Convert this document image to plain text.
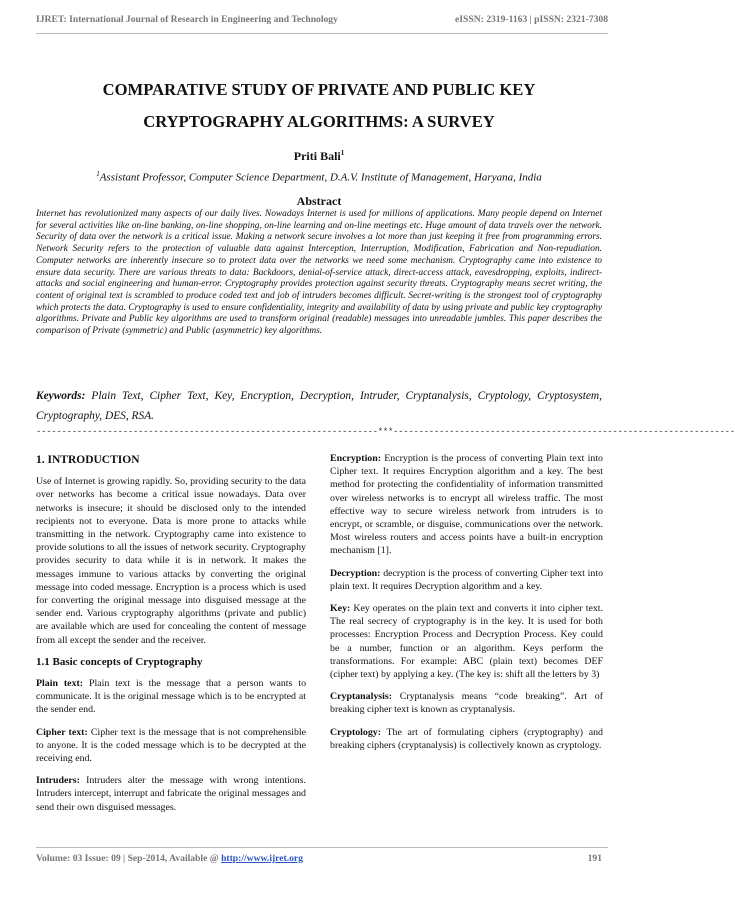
IJRET: International Journal of Research in Engineering and Technology	eISSN: 2319-1163 | pISSN: 2321-7308
COMPARATIVE STUDY OF PRIVATE AND PUBLIC KEY
CRYPTOGRAPHY ALGORITHMS: A SURVEY
Priti Bali$^1$
$^1$Assistant Professor, Computer Science Department, D.A.V. Institute of Management, Haryana, India
Abstract
Internet has revolutionized many aspects of our daily lives. Nowadays Internet is used for millions of applications. Many people depend on Internet for several activities like on-line banking, on-line shopping, on-line learning and on-line meetings etc. Huge amount of data travels over the network. Security of data over the network is a critical issue. Making a network secure involves a lot more than just keeping it free from programming errors. Network Security refers to the protection of valuable data against Interception, Interruption, Modification, Fabrication and Non-repudiation. Computer networks are inherently insecure so to protect data over the networks we need some mechanism. Cryptography came into existence to ensure data security. There are various threats to data: Backdoors, denial-of-service attack, direct-access attack, eavesdropping, exploits, indirect-attacks and social engineering and human-error. Cryptography provides protection against security threats. Cryptography means secret writing, the content of original text is scrambled to produce coded text and job of intruders becomes difficult. Secret-writing is the strongest tool of cryptography which protects the data. Cryptography is used to ensure confidentiality, integrity and availability of data by using private and public key cryptography algorithms. Private and Public key algorithms are used to transform original (readable) messages into unreadable jumbles. This paper describes the comparison of Private (symmetric) and Public (asymmetric) key algorithms.
Keywords: Plain Text, Cipher Text, Key, Encryption, Decryption, Intruder, Cryptanalysis, Cryptology, Cryptosystem, Cryptography, DES, RSA.
-------------------------------------------------------------------***-------------------------------------------------------------------
1. INTRODUCTION

Use of Internet is growing rapidly. So, providing security to the data over networks has become a critical issue nowadays. Data over networks is insecure; it should be disclosed only to the intended recipients not to everyone. Data is more prone to attacks while transmitting in the network. Cryptography came into existence to provide solutions to all the issues of network security. Cryptography provides security to data while it is in network. It makes the messages immune to various attacks by converting the original message into coded message. Encryption is a process which is used for converting the original message into disguised message at the sender end. Various cryptography algorithms (private and public) are available which are used for concealing the content of message from all except the sender and the receiver.

1.1 Basic concepts of Cryptography

Plain text: Plain text is the message that a person wants to communicate. It is the original message which is to be encrypted at the sender end.

Cipher text: Cipher text is the message that is not comprehensible to anyone. It is the coded message which is to be decrypted at the receiving end.

Intruders: Intruders alter the message with wrong intentions. Intruders intercept, interrupt and fabricate the original messages and send their own disguised messages.

Encryption: Encryption is the process of converting Plain text into Cipher text. It requires Encryption algorithm and a key. The best method for protecting the confidentiality of information transmitted over wireless networks is to encrypt all wireless traffic. The most effective way to secure wireless network from intruders is to encrypt, or scramble, or disguise, communications over the network. Most wireless routers and access points have a built-in encryption mechanism [1].

Decryption: decryption is the process of converting Cipher text into plain text. It requires Decryption algorithm and a key.

Key: Key operates on the plain text and converts it into cipher text. The real secrecy of cryptography is in the key. It is used for both processes: Encryption Process and Decryption Process. Key could be a number, function or an algorithm. Keys perform the transformations. For example: ABC (plain text) becomes DEF (cipher text) by applying a key. (The key is: shift all the letters by 3)

Cryptanalysis: Cryptanalysis means “code breaking”. Art of breaking cipher text is known as cryptanalysis.

Cryptology: The art of formulating ciphers (cryptography) and breaking ciphers (cryptanalysis) is collectively known as cryptology.

Volume: 03 Issue: 09 | Sep-2014, Available @ http://www.ijret.org	191
